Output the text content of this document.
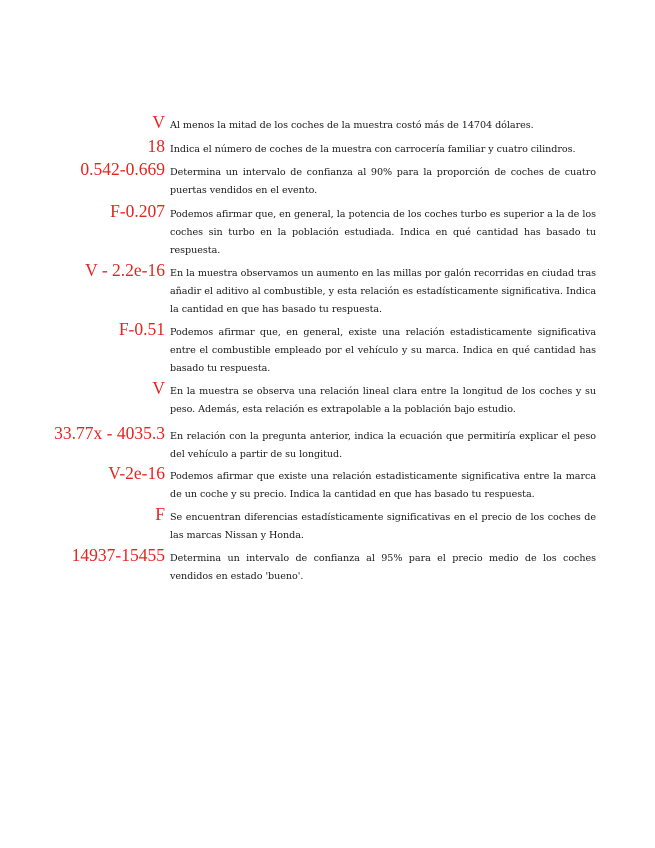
V Al menos la mitad de los coches de la muestra costó más de 14704 dólares.
18 Indica el número de coches de la muestra con carrocería familiar y cuatro cilindros.
0.542-0.669 Determina un intervalo de confianza al 90% para la proporción de coches de cuatro puertas vendidos en el evento.
F-0.207 Podemos afirmar que, en general, la potencia de los coches turbo es superior a la de los coches sin turbo en la población estudiada. Indica en qué cantidad has basado tu respuesta.
V - 2.2e-16 En la muestra observamos un aumento en las millas por galón recorridas en ciudad tras añadir el aditivo al combustible, y esta relación es estadísticamente significativa. Indica la cantidad en que has basado tu respuesta.
F-0.51 Podemos afirmar que, en general, existe una relación estadisticamente significativa entre el combustible empleado por el vehículo y su marca. Indica en qué cantidad has basado tu respuesta.
V En la muestra se observa una relación lineal clara entre la longitud de los coches y su peso. Además, esta relación es extrapolable a la población bajo estudio.
33.77x - 4035.3 En relación con la pregunta anterior, indica la ecuación que permitiría explicar el peso del vehículo a partir de su longitud.
V-2e-16 Podemos afirmar que existe una relación estadisticamente significativa entre la marca de un coche y su precio. Indica la cantidad en que has basado tu respuesta.
F Se encuentran diferencias estadísticamente significativas en el precio de los coches de las marcas Nissan y Honda.
14937-15455 Determina un intervalo de confianza al 95% para el precio medio de los coches vendidos en estado 'bueno'.
